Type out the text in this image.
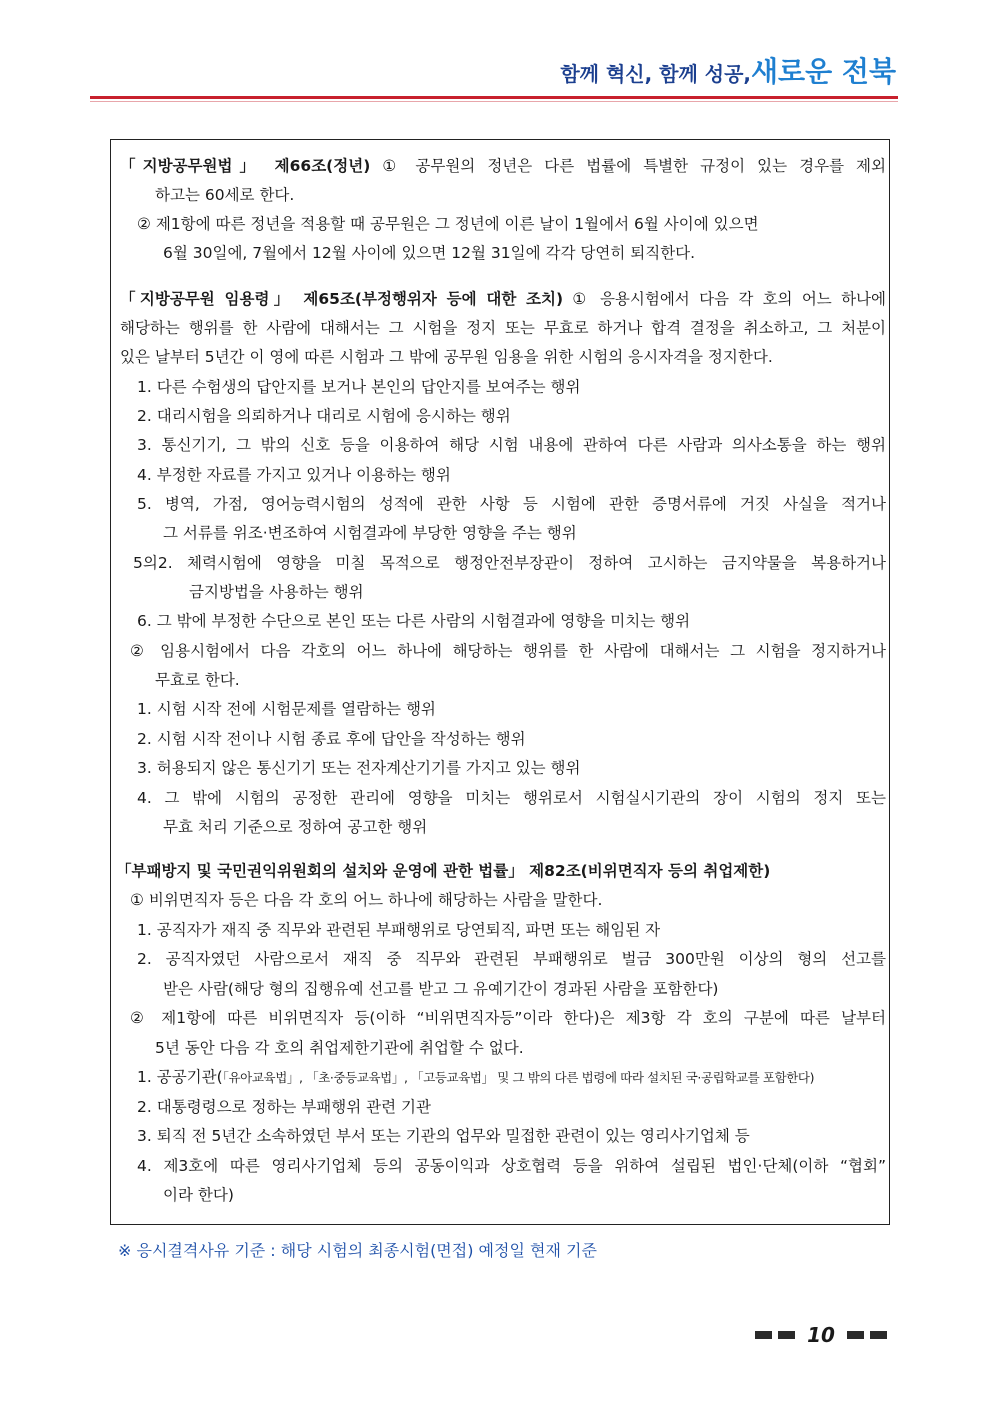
함께 혁신, 함께 성공,새로운 전북
「지방공무원법」 제66조(정년) ① 공무원의 정년은 다른 법률에 특별한 규정이 있는 경우를 제외
하고는 60세로 한다.
② 제1항에 따른 정년을 적용할 때 공무원은 그 정년에 이른 날이 1월에서 6월 사이에 있으면
6월 30일에, 7월에서 12월 사이에 있으면 12월 31일에 각각 당연히 퇴직한다.
「지방공무원 임용령」 제65조(부정행위자 등에 대한 조치) ① 응용시험에서 다음 각 호의 어느 하나에
해당하는 행위를 한 사람에 대해서는 그 시험을 정지 또는 무효로 하거나 합격 결정을 취소하고, 그 처분이
있은 날부터 5년간 이 영에 따른 시험과 그 밖에 공무원 임용을 위한 시험의 응시자격을 정지한다.
1. 다른 수험생의 답안지를 보거나 본인의 답안지를 보여주는 행위
2. 대리시험을 의뢰하거나 대리로 시험에 응시하는 행위
3. 통신기기, 그 밖의 신호 등을 이용하여 해당 시험 내용에 관하여 다른 사람과 의사소통을 하는 행위
4. 부정한 자료를 가지고 있거나 이용하는 행위
5. 병역, 가점, 영어능력시험의 성적에 관한 사항 등 시험에 관한 증명서류에 거짓 사실을 적거나
그 서류를 위조·변조하여 시험결과에 부당한 영향을 주는 행위
5의2. 체력시험에 영향을 미칠 목적으로 행정안전부장관이 정하여 고시하는 금지약물을 복용하거나
금지방법을 사용하는 행위
6. 그 밖에 부정한 수단으로 본인 또는 다른 사람의 시험결과에 영향을 미치는 행위
② 임용시험에서 다음 각호의 어느 하나에 해당하는 행위를 한 사람에 대해서는 그 시험을 정지하거나
무효로 한다.
1. 시험 시작 전에 시험문제를 열람하는 행위
2. 시험 시작 전이나 시험 종료 후에 답안을 작성하는 행위
3. 허용되지 않은 통신기기 또는 전자계산기기를 가지고 있는 행위
4. 그 밖에 시험의 공정한 관리에 영향을 미치는 행위로서 시험실시기관의 장이 시험의 정지 또는
무효 처리 기준으로 정하여 공고한 행위
「부패방지 및 국민권익위원회의 설치와 운영에 관한 법률」 제82조(비위면직자 등의 취업제한)
① 비위면직자 등은 다음 각 호의 어느 하나에 해당하는 사람을 말한다.
1. 공직자가 재직 중 직무와 관련된 부패행위로 당연퇴직, 파면 또는 해임된 자
2. 공직자였던 사람으로서 재직 중 직무와 관련된 부패행위로 벌금 300만원 이상의 형의 선고를
받은 사람(해당 형의 집행유예 선고를 받고 그 유예기간이 경과된 사람을 포함한다)
② 제1항에 따른 비위면직자 등(이하 “비위면직자등”이라 한다)은 제3항 각 호의 구분에 따른 날부터
5년 동안 다음 각 호의 취업제한기관에 취업할 수 없다.
1. 공공기관(「유아교육법」, 「초·중등교육법」, 「고등교육법」 및 그 밖의 다른 법령에 따라 설치된 국·공립학교를 포함한다)
2. 대통령령으로 정하는 부패행위 관련 기관
3. 퇴직 전 5년간 소속하였던 부서 또는 기관의 업무와 밀접한 관련이 있는 영리사기업체 등
4. 제3호에 따른 영리사기업체 등의 공동이익과 상호협력 등을 위하여 설립된 법인·단체(이하 “협회”
이라 한다)
※ 응시결격사유 기준 : 해당 시험의 최종시험(면접) 예정일 현재 기준
10
